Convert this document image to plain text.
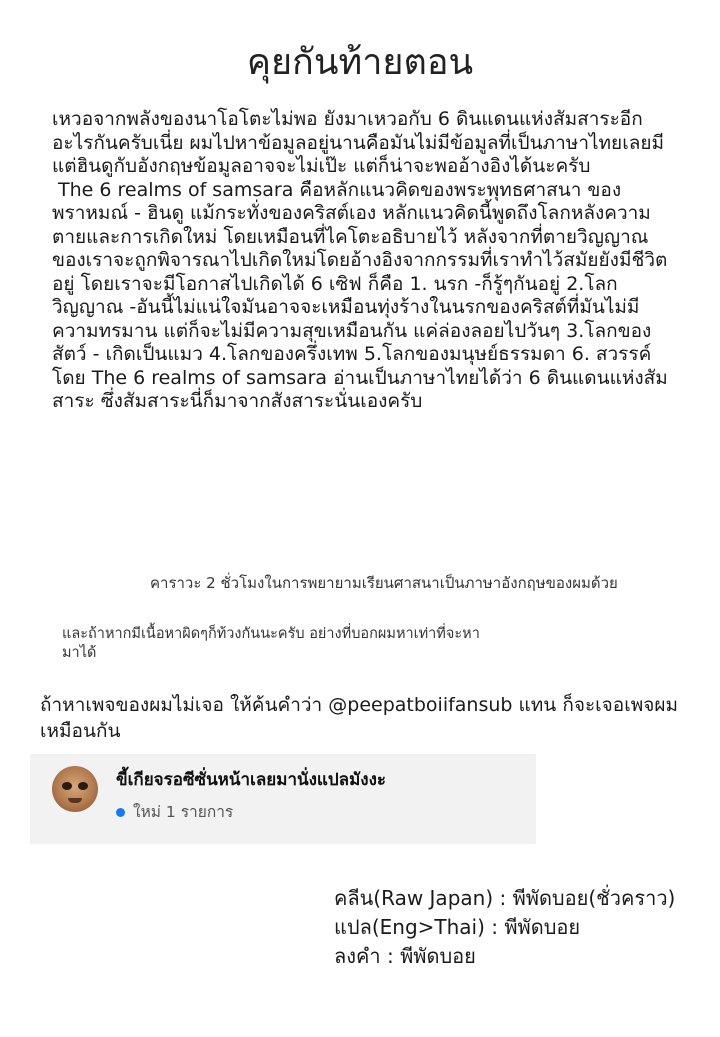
คุยกันท้ายตอน

เหวอจากพลังของนาโอโตะไม่พอ ยังมาเหวอกับ 6 ดินแดนแห่งสัมสาระอีก อะไรกันครับเนี่ย ผมไปหาข้อมูลอยู่นานคือมันไม่มีข้อมูลที่เป็นภาษาไทยเลยมีแต่ฮินดูกับอังกฤษข้อมูลอาจจะไม่เป๊ะ แต่ก็น่าจะพออ้างอิงได้นะครับ

The 6 realms of samsara คือหลักแนวคิดของพระพุทธศาสนา ของพราหมณ์ - ฮินดู แม้กระทั่งของคริสต์เอง หลักแนวคิดนี้พูดถึงโลกหลังความตายและการเกิดใหม่ โดยเหมือนที่ไคโตะอธิบายไว้ หลังจากที่ตายวิญญาณของเราจะถูกพิจารณาไปเกิดใหม่โดยอ้างอิงจากกรรมที่เราทำไว้สมัยยังมีชีวิตอยู่ โดยเราจะมีโอกาสไปเกิดได้ 6 เซิฟ ก็คือ 1. นรก -ก็รู้ๆกันอยู่ 2.โลกวิญญาณ -อันนี้ไม่แน่ใจมันอาจจะเหมือนทุ่งร้างในนรกของคริสต์ที่มันไม่มีความทรมาน แต่ก็จะไม่มีความสุขเหมือนกัน แค่ล่องลอยไปวันๆ 3.โลกของสัตว์ - เกิดเป็นแมว 4.โลกของครึ่งเทพ 5.โลกของมนุษย์ธรรมดา 6. สวรรค์ โดย The 6 realms of samsara อ่านเป็นภาษาไทยได้ว่า 6 ดินแดนแห่งสัมสาระ ซึ่งสัมสาระนี่ก็มาจากสังสาระนั่นเองครับ

คาราวะ 2 ชั่วโมงในการพยายามเรียนศาสนาเป็นภาษาอังกฤษของผมด้วย
และถ้าหากมีเนื้อหาผิดๆก็ท้วงกันนะครับ อย่างที่บอกผมหาเท่าที่จะหามาได้
ถ้าหาเพจของผมไม่เจอ ให้ค้นคำว่า @peepatboiifansub แทน ก็จะเจอเพจผมเหมือนกัน
ขี้เกียจรอซีซั่นหน้าเลยมานั่งแปลมังงะ
ใหม่ 1 รายการ
คลีน(Raw Japan) : พีพัดบอย(ชั่วคราว)
แปล(Eng>Thai) : พีพัดบอย
ลงคำ : พีพัดบอย
